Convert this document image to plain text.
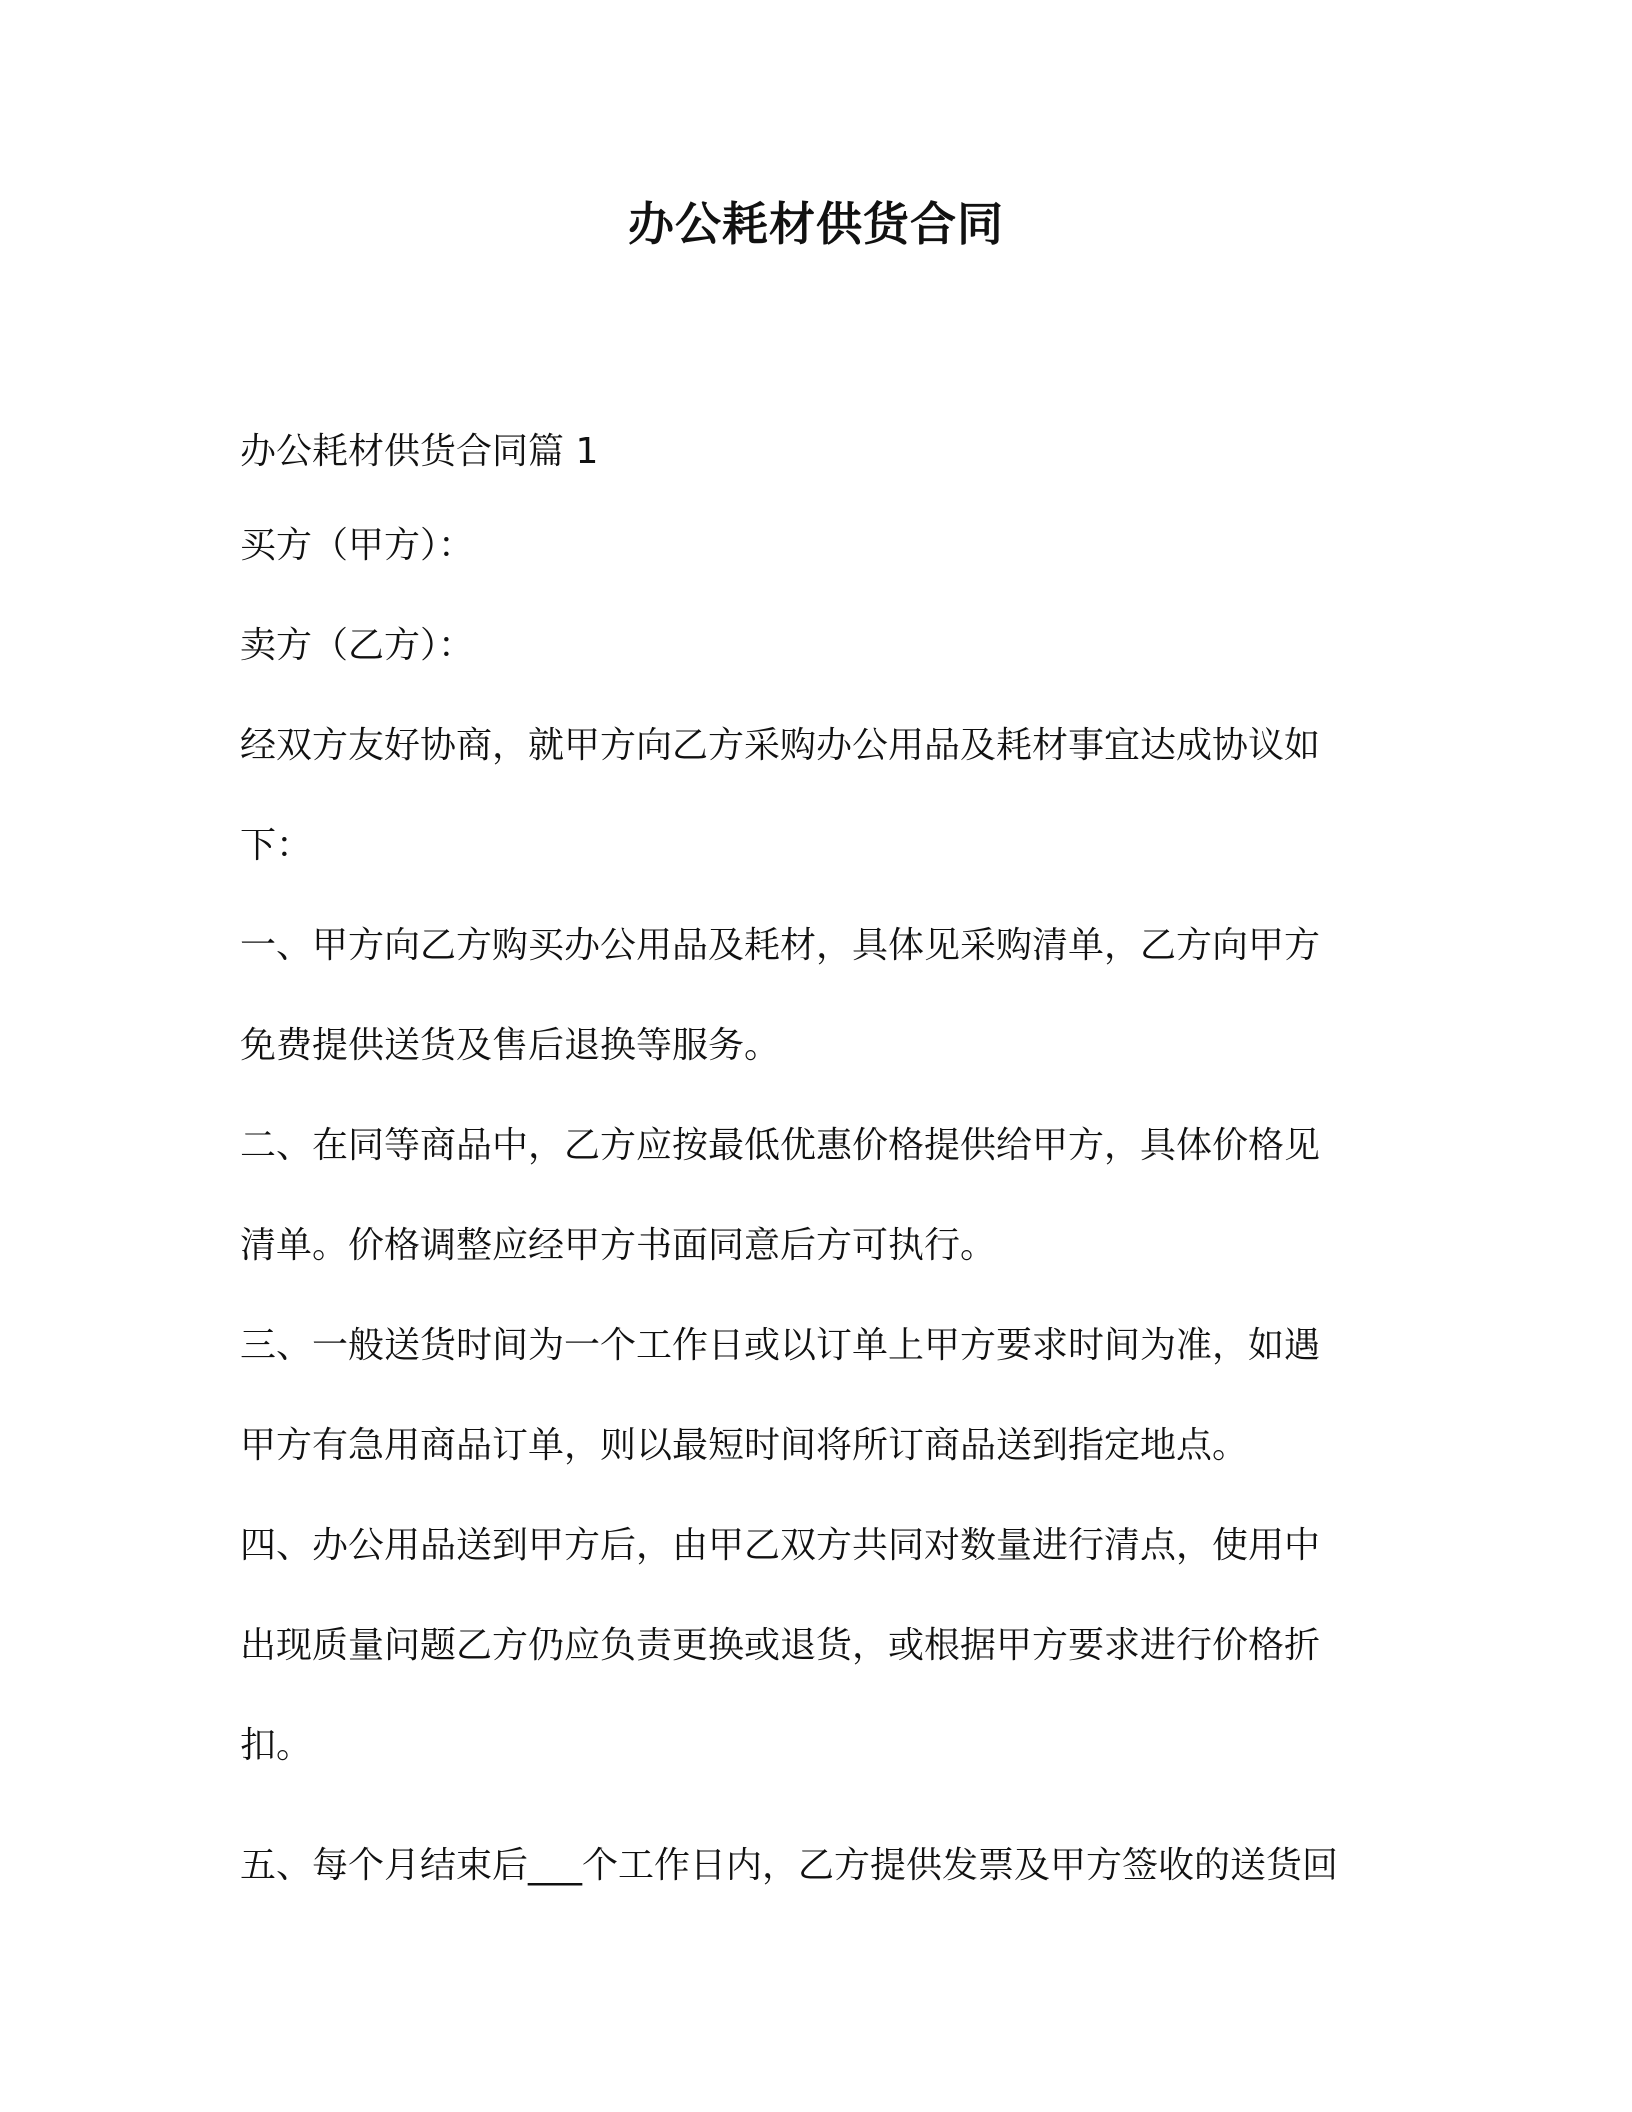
办公耗材供货合同
办公耗材供货合同篇 1
买方（甲方）：
卖方（乙方）：
经双方友好协商，就甲方向乙方采购办公用品及耗材事宜达成协议如
下：
一、甲方向乙方购买办公用品及耗材，具体见采购清单，乙方向甲方
免费提供送货及售后退换等服务。
二、在同等商品中，乙方应按最低优惠价格提供给甲方，具体价格见
清单。价格调整应经甲方书面同意后方可执行。
三、一般送货时间为一个工作日或以订单上甲方要求时间为准，如遇
甲方有急用商品订单，则以最短时间将所订商品送到指定地点。
四、办公用品送到甲方后，由甲乙双方共同对数量进行清点，使用中
出现质量问题乙方仍应负责更换或退货，或根据甲方要求进行价格折
扣。
五、每个月结束后___个工作日内，乙方提供发票及甲方签收的送货回
